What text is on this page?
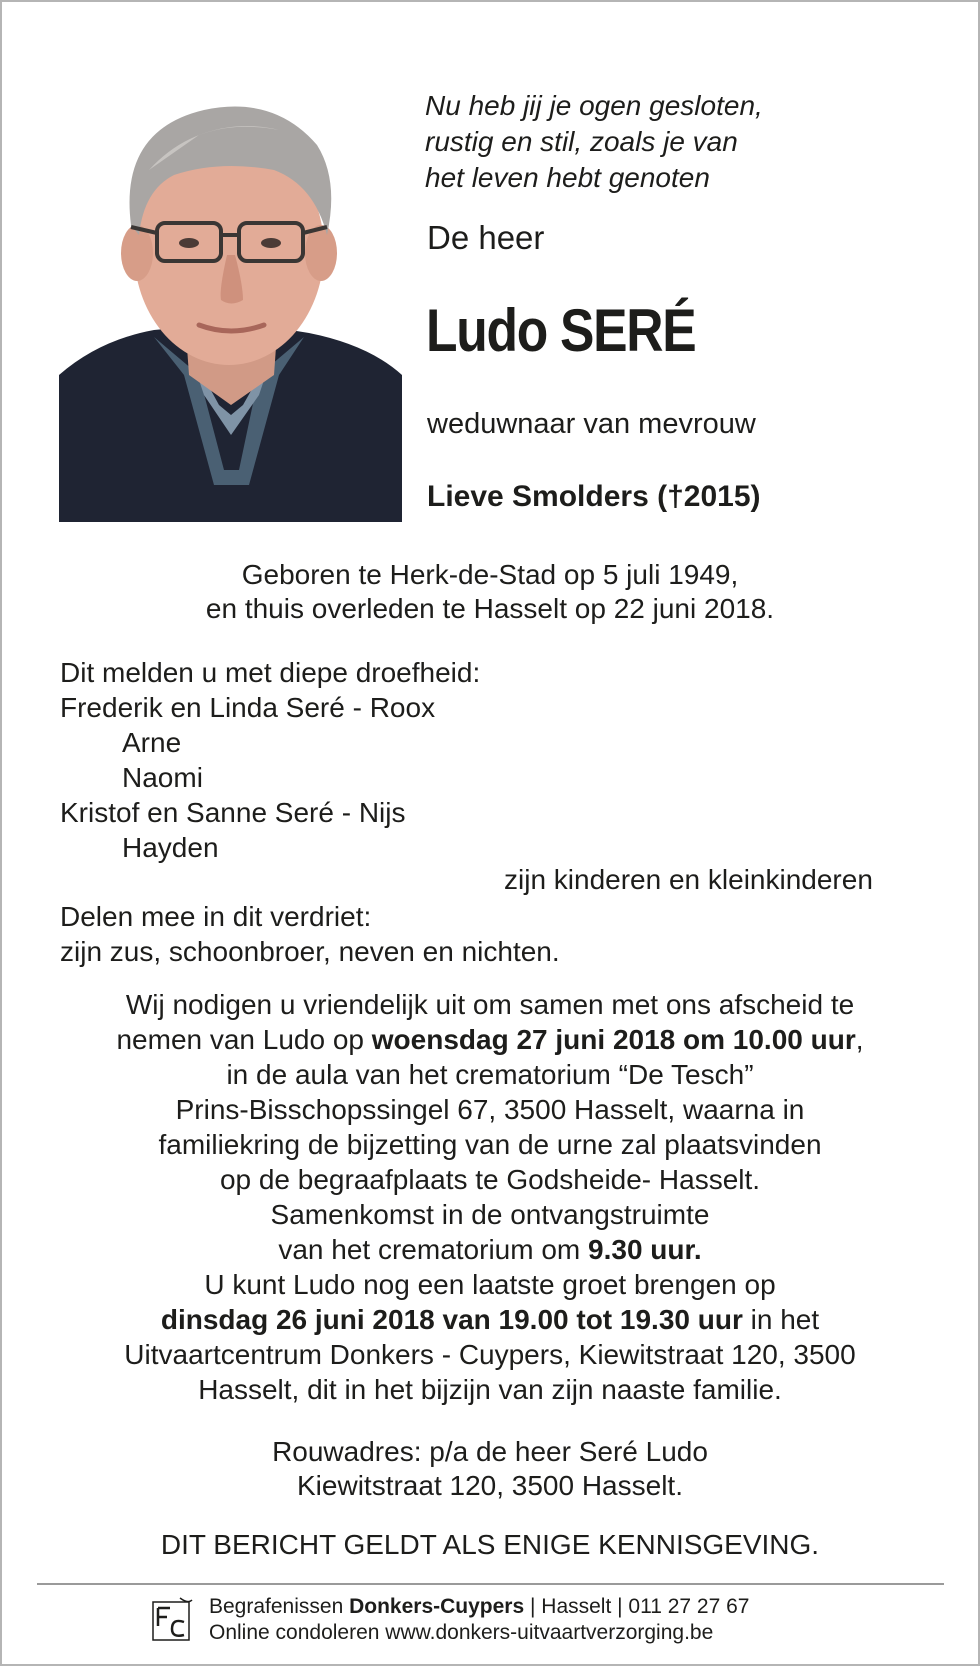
Nu heb jij je ogen gesloten,
rustig en stil, zoals je van
het leven hebt genoten
De heer
Ludo SERÉ
weduwnaar van mevrouw
Lieve Smolders (†2015)
Geboren te Herk-de-Stad op 5 juli 1949,
en thuis overleden te Hasselt op 22 juni 2018.
Dit melden u met diepe droefheid:
Frederik en Linda Seré - Roox
Arne
Naomi
Kristof en Sanne Seré - Nijs
Hayden
zijn kinderen en kleinkinderen
Delen mee in dit verdriet:
zijn zus, schoonbroer, neven en nichten.
Wij nodigen u vriendelijk uit om samen met ons afscheid te
nemen van Ludo op woensdag 27 juni 2018 om 10.00 uur,
in de aula van het crematorium “De Tesch”
Prins-Bisschopssingel 67, 3500 Hasselt, waarna in
familiekring de bijzetting van de urne zal plaatsvinden
op de begraafplaats te Godsheide- Hasselt.
Samenkomst in de ontvangstruimte
van het crematorium om 9.30 uur.
U kunt Ludo nog een laatste groet brengen op
dinsdag 26 juni 2018 van 19.00 tot 19.30 uur in het
Uitvaartcentrum Donkers - Cuypers, Kiewitstraat 120, 3500
Hasselt, dit in het bijzijn van zijn naaste familie.
Rouwadres: p/a de heer Seré Ludo
Kiewitstraat 120, 3500 Hasselt.
DIT BERICHT GELDT ALS ENIGE KENNISGEVING.
Begrafenissen Donkers-Cuypers | Hasselt | 011 27 27 67
Online condoleren www.donkers-uitvaartverzorging.be
